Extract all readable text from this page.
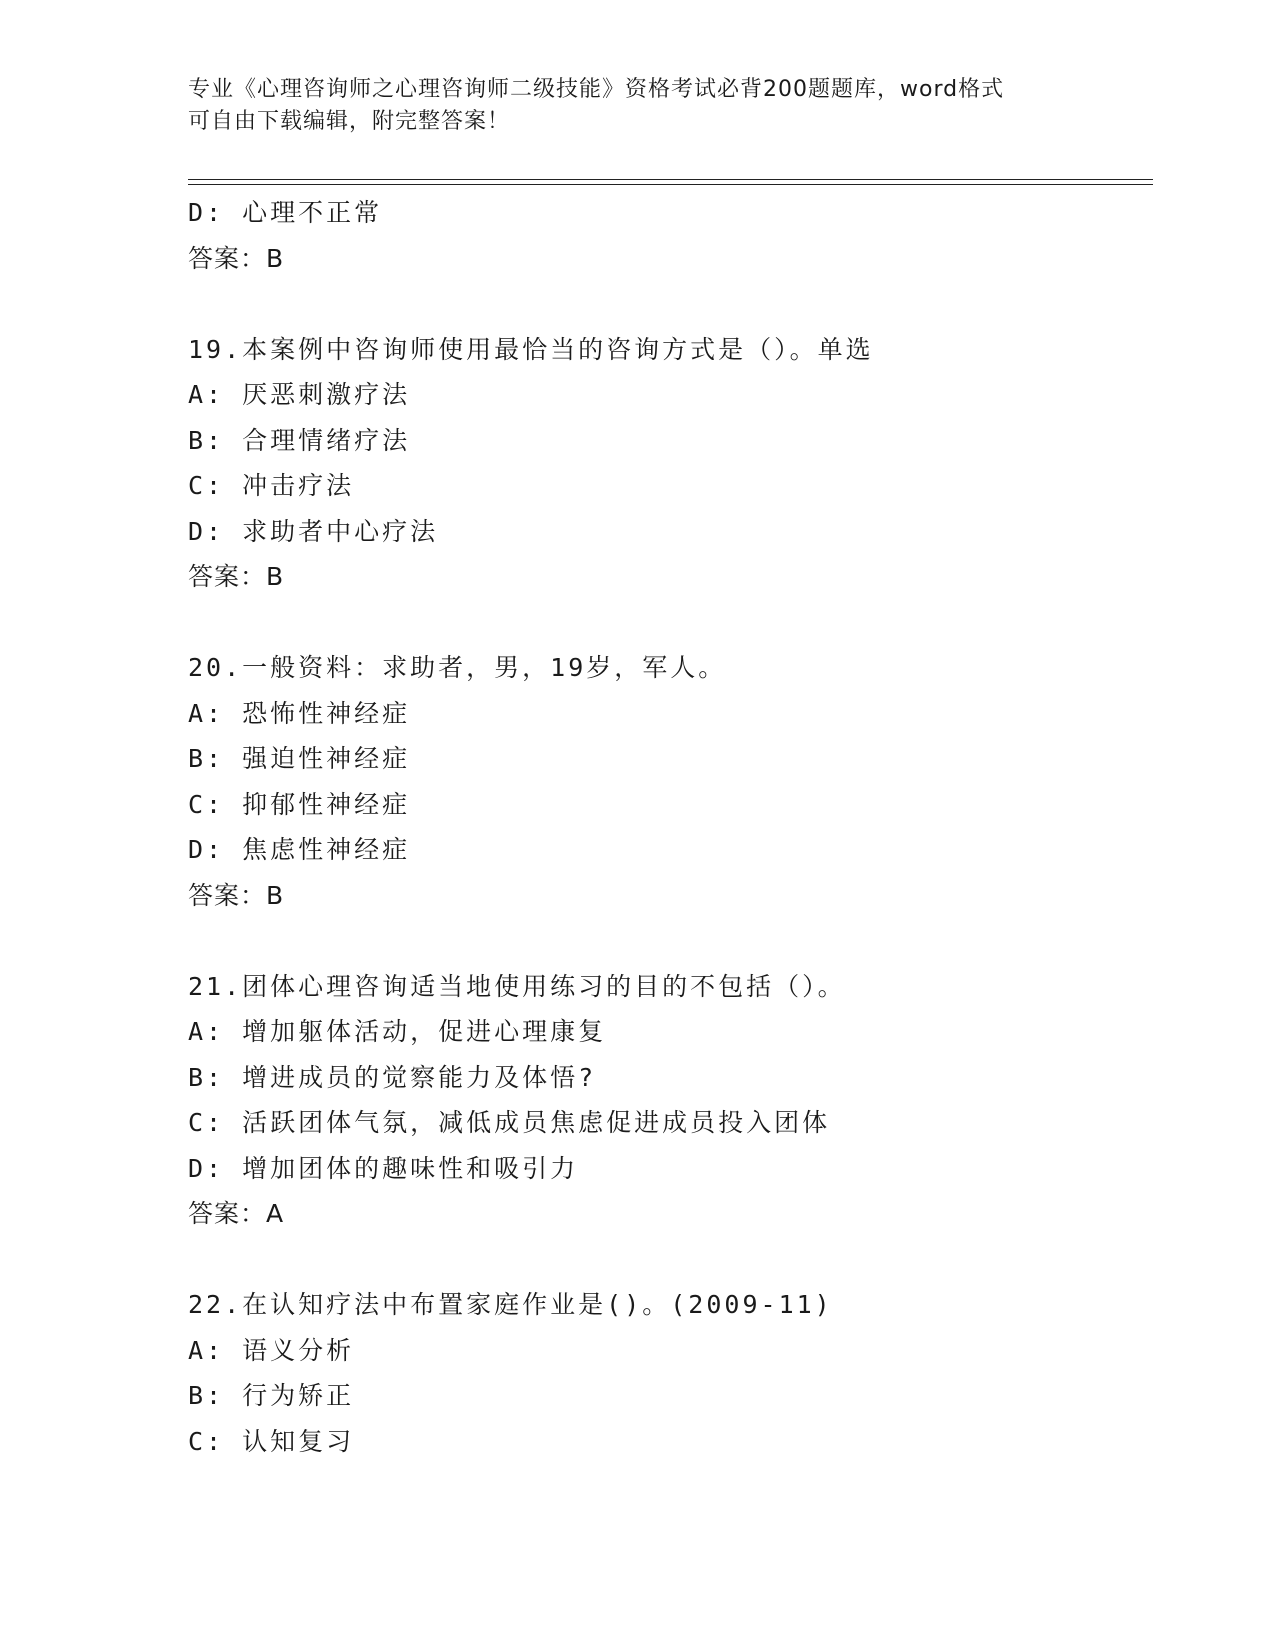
专业《心理咨询师之心理咨询师二级技能》资格考试必背200题题库，word格式
可自由下载编辑，附完整答案！
D: 心理不正常
答案：B
19.本案例中咨询师使用最恰当的咨询方式是（）。单选
A: 厌恶刺激疗法
B: 合理情绪疗法
C: 冲击疗法
D: 求助者中心疗法
答案：B
20.一般资料：求助者，男，19岁，军人。
A: 恐怖性神经症
B: 强迫性神经症
C: 抑郁性神经症
D: 焦虑性神经症
答案：B
21.团体心理咨询适当地使用练习的目的不包括（）。
A: 增加躯体活动，促进心理康复
B: 增进成员的觉察能力及体悟?
C: 活跃团体气氛，减低成员焦虑促进成员投入团体
D: 增加团体的趣味性和吸引力
答案：A
22.在认知疗法中布置家庭作业是()。(2009-11)
A: 语义分析
B: 行为矫正
C: 认知复习
